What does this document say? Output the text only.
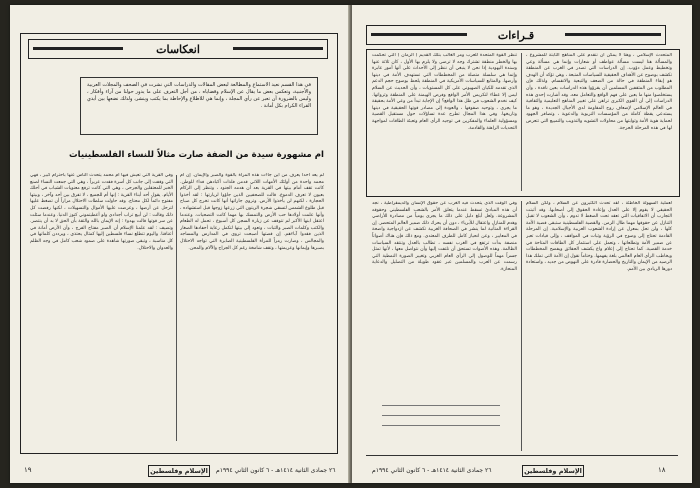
انعكاسات
في هذا القسم نعيد الاستماع والمطالعة لبعض المقالات والدراسات التي نشرت في الصحف والمجلات العربية والأجنبية، وتعكس بعض ما يقال عن الإسلام وقضاياه ، من أجل التعرف على ما يدور حولنا من آراء وأفكار ، وليس بالضرورة أن تعبر عن رأي المجلة ، وإنما هي للاطلاع والإحاطة بما يكتب وينشر، ولذلك نضعها بين أيدي القراء الكرام بكل أمانة .
ام مشهورة سيدة من الضفة صارت مثالاً للنساء الفلسطينيات
لم يعد أحداً يعرف من أين جاءت هذه المرأة بالقوة والصبر والإيمان. إن أم محمد واحدة من أولئك الأمهات اللاتي قدمن فلذات أكبادهن فداء للوطن. كانت تقف أمام بيتها في القرية بعد أن هدمه الجنود ، وتنظر إلى الركام بعيون لا تعرف الدموع. قالت للصحفيين الذين جاؤوا لزيارتها : لقد أخذوا الحجارة ، لكنهم لن يأخذوا الأرض. وتروي جاراتها أنها كانت تخرج كل صباح قبل طلوع الشمس لتسقي شجرة الزيتون التي زرعها زوجها قبل استشهاده ، وأنها علمت أولادها حب الأرض والتمسك بها مهما كانت التضحيات. وعندما اعتقل ابنها الأكبر لم تتوقف عن زيارة السجن كل أسبوع ، تحمل له الطعام والكتب وكلمات الصبر والثبات ، وتعود إلى بيتها لتكمل رعاية أحفادها الصغار الذين فقدوا آباءهم. إن قصتها أصبحت تروى في المدارس والمساجد والمجالس ، وصارت رمزاً للمرأة الفلسطينية الصابرة التي تواجه الاحتلال بصبرها وإيمانها وعزيمتها ، وتقف شامخة رغم كل الجراح والآلام والمحن.
وفي القرية التي تعيش فيها أم محمد يتحدث الناس عنها باحترام كبير ، فهي التي وقفت إلى جانب كل أسرة فقدت عزيزاً ، وهي التي جمعت النساء لصنع الخبز للمعتقلين والجرحى ، وهي التي كانت ترفع معنويات الشباب في أحلك الأيام. يقول أحد أبناء القرية : إنها أم للجميع ، لا تفرق بين أحد وآخر ، وبيتها مفتوح دائماً لكل محتاج. وقد حاولت سلطات الاحتلال مراراً أن تضغط عليها لترحل عن أرضها ، وعرضت عليها الأموال والتسهيلات ، لكنها رفضت كل ذلك وقالت : لن أبيع تراب أجدادي ولو أعطيتموني كنوز الدنيا. وعندما سئلت عن سر قوتها قالت بهدوء : إنه الإيمان بالله والثقة بأن الحق لا بد أن ينتصر. وتضيف : لقد علمنا الإسلام أن الصبر مفتاح الفرج ، وأن الأرض أمانة في أعناقنا. واليوم تتطلع نساء فلسطين إليها كمثال يحتذى ، ويرددن كلماتها في كل مناسبة ، وتبقى صورتها شاهدة على صمود شعب كامل في وجه الظلم والعدوان والاحتلال.
الإسلام وفلسطين	٢٦ جمادى الثانية ١٤١٤هـ - ٦ كانون الثاني ١٩٩٤م
١٩
قـراءات
تنظر القوة المتحدة للعرب ومر الغالب بتلك القديم ( الزمان ) التي تحكمت بها والخطر منطقة تشترك وجه لا ترضى ولا يلزم بها الأول ، كان ثلاثة عنها وسندة اليهودية إذا نحن لا ينبغي أن ننظر إلى الأحداث على أنها أمور عابرة وإنما هي سلسلة متصلة من المخططات التي تستهدف الأمة في دينها وأرضها. والمتابع للسياسات الأمريكية في المنطقة يلحظ بوضوح حجم الدعم الذي تقدمه للكيان الصهيوني على كل المستويات ، وأن الحديث عن السلام ليس إلا غطاء لتكريس الأمر الواقع وفرض الهيمنة على المنطقة وثرواتها. كيف نخدم الشعوب في ظل هذا الواقع؟ إن الإجابة تبدأ من وعي الأمة بحقيقة ما يجري ، وتوحيد صفوفها ، والعودة إلى مصادر قوتها الحقيقية في دينها وتاريخها. وفي هذا المجال تطرح عدة تساؤلات حول مستقبل القضية ومسؤولية العلماء والمفكرين في توجيه الرأي العام وتعبئة الطاقات لمواجهة التحديات الراهنة والقادمة.
المتحدث الإسلامي ، وهنا لا يمكن أن نتقدم على المناهج الثابتة للمشروع ، والمسألة هنا ليست مسألة عواطف أو شعارات وإنما هي مسألة وعي وتخطيط وعمل دؤوب. إن الدراسات التي تصدر في الغرب عن المنطقة تكشف بوضوح عن الأهداف الحقيقية للسياسات المتبعة ، وهي تؤكد أن الهدف هو إبقاء المنطقة في حالة من الضعف والتبعية والانقسام. ولذلك فإن المطلوب من المثقفين المسلمين أن يقرؤوا هذه الدراسات بعين ناقدة ، وأن يستخلصوا منها ما يعين على فهم الواقع والتعامل معه. وقد أشارت إحدى هذه الدراسات إلى أن القوى الكبرى تراهن على تغيير المناهج التعليمية والثقافية في العالم الإسلامي لإضعاف روح المقاومة لدى الأجيال الجديدة ، وهو ما يستدعي يقظة كاملة من المؤسسات التربوية والدعوية ، وتضافر الجهود لحماية هوية الأمة وثوابتها من محاولات التشويه والتذويب والتمييع التي تتعرض لها في هذه المرحلة الحرجة.
لعملية السهولة الخاطئة ، لقد تحدث الكثيرون عن السلام ، ولكن السلام الحقيقي لا يقوم إلا على العدل وإعادة الحقوق إلى أصحابها. وقد أثبتت التجارب أن الاتفاقيات التي تعقد تحت الضغط لا تدوم ، وأن الشعوب لا تقبل التنازل عن حقوقها مهما طال الزمن. والقضية الفلسطينية ستبقى قضية الأمة كلها ، ولن تحل بمعزل عن إرادة الشعوب العربية والإسلامية. إن المرحلة القادمة تحتاج إلى وضوح في الرؤية وثبات في المواقف ، وإلى قيادات تعبر عن ضمير الأمة وتطلعاتها ، وتعمل على استثمار كل الطاقات المتاحة في خدمة القضية. كما تحتاج إلى إعلام واع يكشف الحقائق ويفضح المخططات ويخاطب الرأي العام العالمي بلغة يفهمها. وختاماً نقول إن الأمة التي تملك هذا الرصيد من الإيمان والتاريخ والحضارة قادرة على النهوض من جديد ، واستعادة دورها الريادي بين الأمم.
وفي الوقت الذي يتحدث فيه الغرب عن حقوق الإنسان والديمقراطية ، نجد أن هذه المبادئ تسقط عندما يتعلق الأمر بالشعب الفلسطيني وحقوقه المشروعة. ولعل أبلغ دليل على ذلك ما يجري يومياً من مصادرة للأراضي وهدم للمنازل واعتقال للأبرياء ، دون أن يحرك ذلك ضمير العالم المتحضر. إن القراءة المتأنية لما ينشر في الصحافة الغربية تكشف عن ازدواجية واضحة في المعايير ، وعن انحياز كامل للطرف المعتدي. ومع ذلك فإن هناك أصواتاً منصفة بدأت ترتفع في الغرب نفسه ، تطالب بالعدل وتنتقد السياسات الظالمة. وهذه الأصوات تستحق أن نلتفت إليها وأن نتواصل معها ، لأنها تمثل جسراً مهماً للوصول إلى الرأي العام الغربي وتغيير الصورة النمطية التي رسمت عن العرب والمسلمين عبر عقود طويلة من التضليل والدعاية المنحازة.
١٨
الإسلام وفلسطين
٢٦ جمادى الثانية ١٤١٤هـ - ٦ كانون الثاني ١٩٩٤م
